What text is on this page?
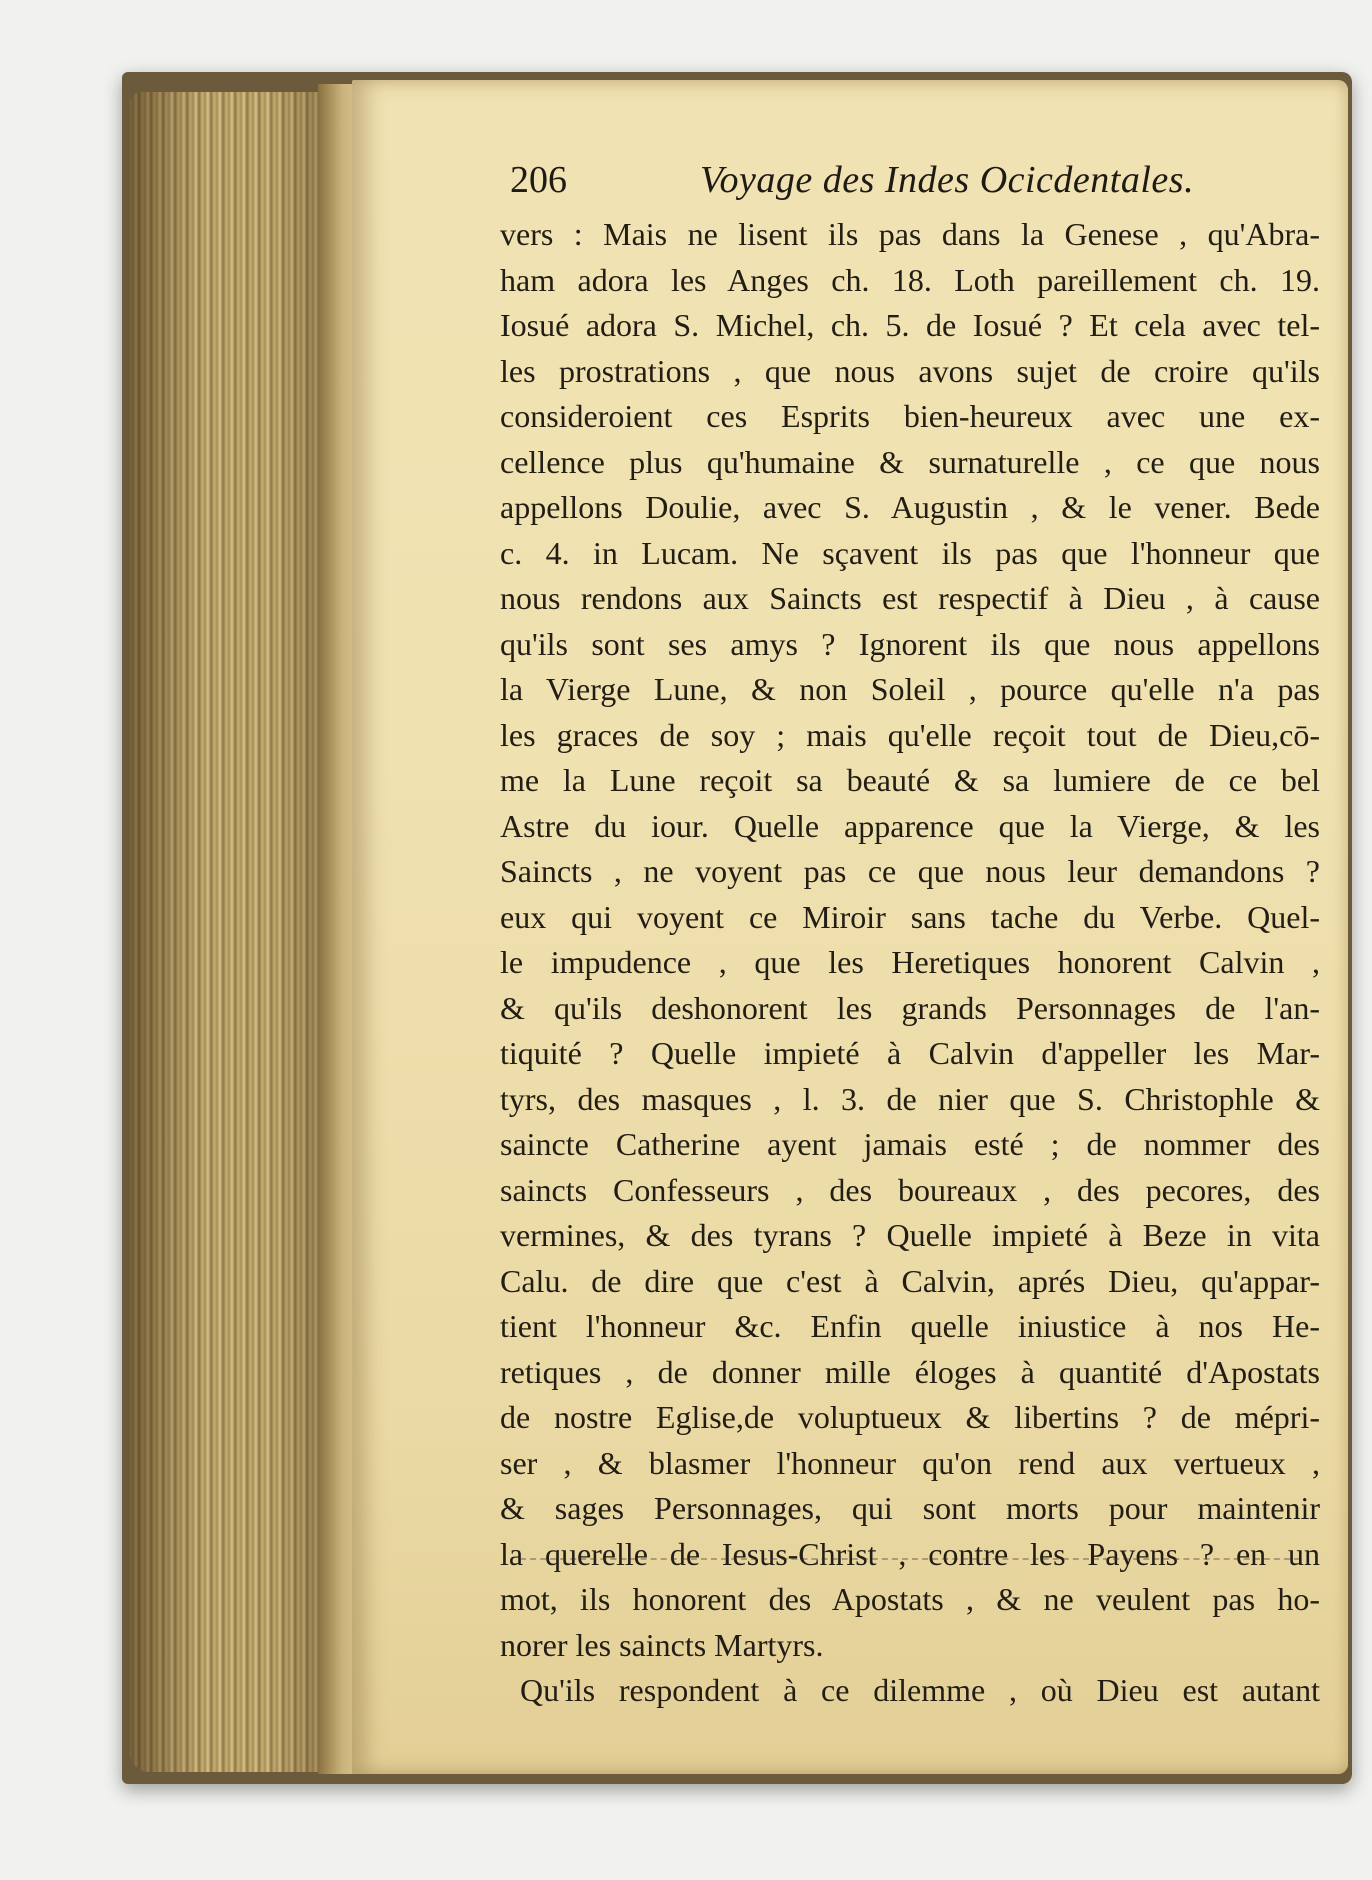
206	Voyage des Indes Ocicdentales.
vers : Mais ne lisent ils pas dans la Genese , qu'Abra-
ham adora les Anges ch. 18. Loth pareillement ch. 19.
Iosué adora S. Michel, ch. 5. de Iosué ? Et cela avec tel-
les prostrations , que nous avons sujet de croire qu'ils
consideroient ces Esprits bien-heureux avec une ex-
cellence plus qu'humaine & surnaturelle , ce que nous
appellons Doulie, avec S. Augustin , & le vener. Bede
c. 4. in Lucam. Ne sçavent ils pas que l'honneur que
nous rendons aux Saincts est respectif à Dieu , à cause
qu'ils sont ses amys ? Ignorent ils que nous appellons
la Vierge Lune, & non Soleil , pource qu'elle n'a pas
les graces de soy ; mais qu'elle reçoit tout de Dieu,cō-
me la Lune reçoit sa beauté & sa lumiere de ce bel
Astre du iour. Quelle apparence que la Vierge, & les
Saincts , ne voyent pas ce que nous leur demandons ?
eux qui voyent ce Miroir sans tache du Verbe. Quel-
le impudence , que les Heretiques honorent Calvin ,
& qu'ils deshonorent les grands Personnages de l'an-
tiquité ? Quelle impieté à Calvin d'appeller les Mar-
tyrs, des masques , l. 3. de nier que S. Christophle &
saincte Catherine ayent jamais esté ; de nommer des
saincts Confesseurs , des boureaux , des pecores, des
vermines, & des tyrans ? Quelle impieté à Beze in vita
Calu. de dire que c'est à Calvin, aprés Dieu, qu'appar-
tient l'honneur &c. Enfin quelle iniustice à nos He-
retiques , de donner mille éloges à quantité d'Apostats
de nostre Eglise,de voluptueux & libertins ? de mépri-
ser , & blasmer l'honneur qu'on rend aux vertueux ,
& sages Personnages, qui sont morts pour maintenir
la querelle de Iesus-Christ , contre les Payens ? en un
mot, ils honorent des Apostats , & ne veulent pas ho-
norer les saincts Martyrs.
Qu'ils respondent à ce dilemme , où Dieu est autant
